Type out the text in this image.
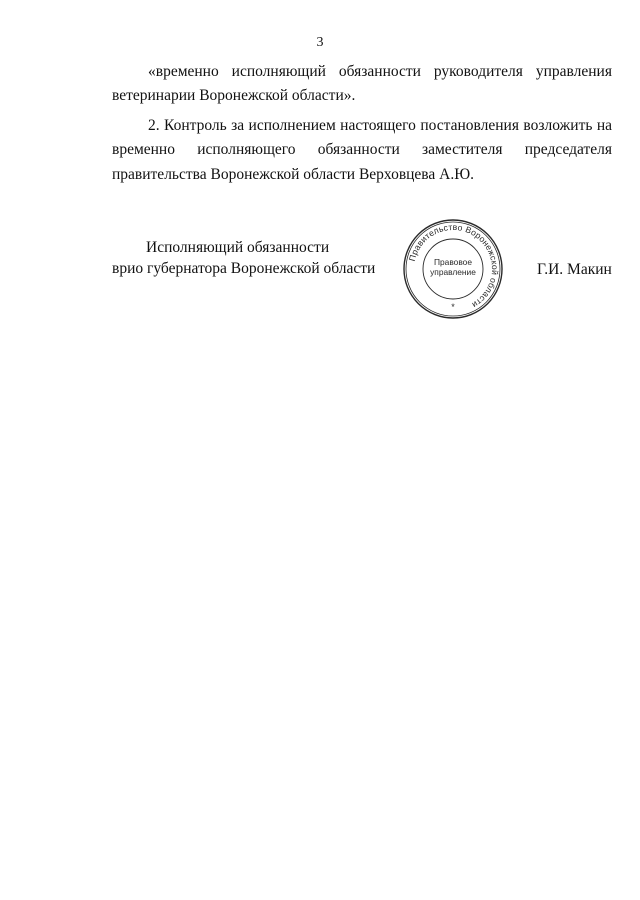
3
«временно исполняющий обязанности руководителя управления
ветеринарии Воронежской области».
2. Контроль за исполнением настоящего постановления возложить на
временно исполняющего обязанности заместителя председателя
правительства Воронежской области Верховцева А.Ю.
Исполняющий обязанности
врио губернатора Воронежской области
Правительство Воронежской области
Правовое
управление
*
Г.И. Макин
